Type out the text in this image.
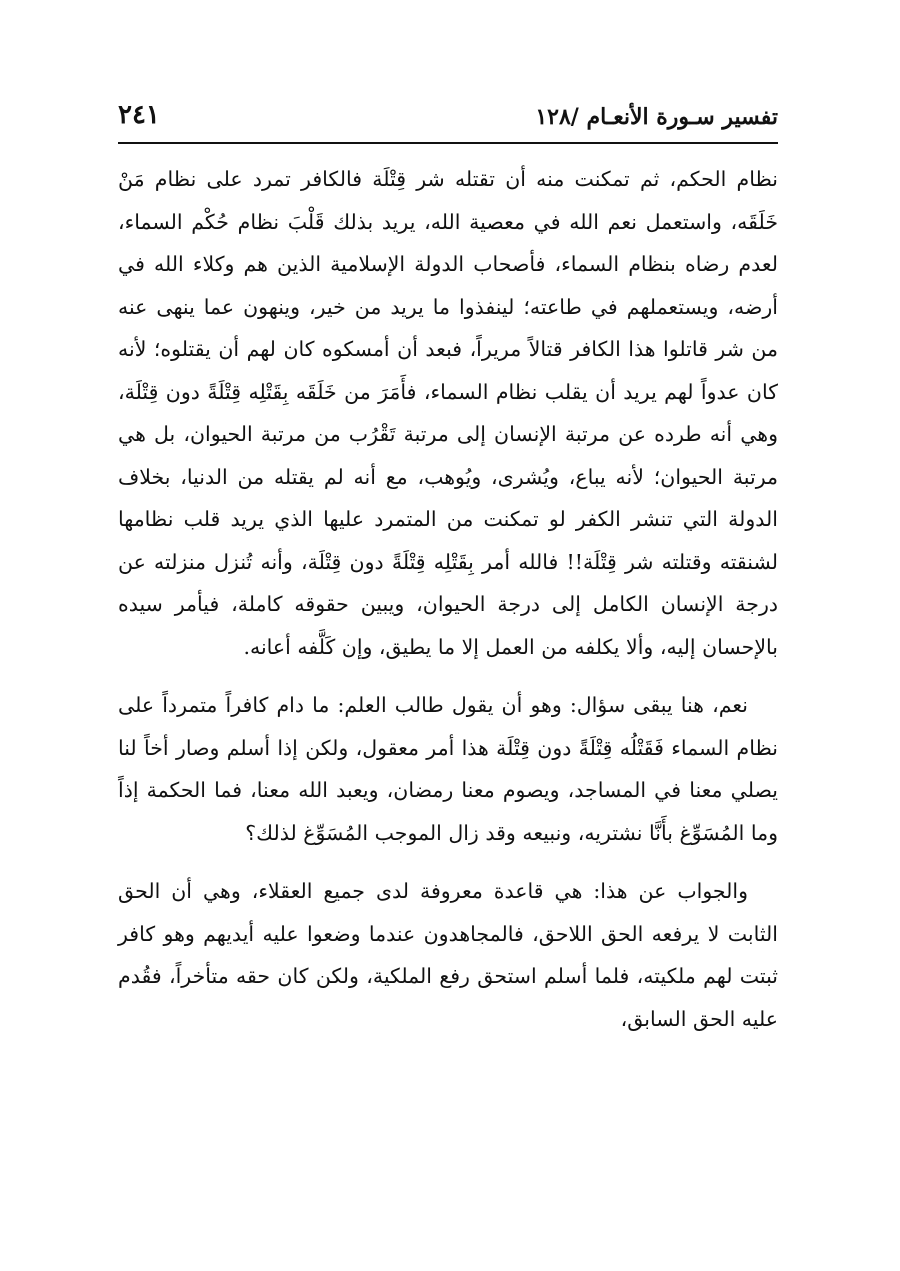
تفسير سـورة الأنعـام /١٢٨
٢٤١

نظام الحكم، ثم تمكنت منه أن تقتله شر قِتْلَة فالكافر تمرد على نظام مَنْ خَلَقَه، واستعمل نعم الله في معصية الله، يريد بذلك قَلْبَ نظام حُكْم السماء، لعدم رضاه بنظام السماء، فأصحاب الدولة الإسلامية الذين هم وكلاء الله في أرضه، ويستعملهم في طاعته؛ لينفذوا ما يريد من خير، وينهون عما ينهى عنه من شر قاتلوا هذا الكافر قتالاً مريراً، فبعد أن أمسكوه كان لهم أن يقتلوه؛ لأنه كان عدواً لهم يريد أن يقلب نظام السماء، فأَمَرَ من خَلَقَه بِقَتْلِه قِتْلَةً دون قِتْلَة، وهي أنه طرده عن مرتبة الإنسان إلى مرتبة تَقْرُب من مرتبة الحيوان، بل هي مرتبة الحيوان؛ لأنه يباع، ويُشرى، ويُوهب، مع أنه لم يقتله من الدنيا، بخلاف الدولة التي تنشر الكفر لو تمكنت من المتمرد عليها الذي يريد قلب نظامها لشنقته وقتلته شر قِتْلَة!! فالله أمر بِقَتْلِه قِتْلَةً دون قِتْلَة، وأنه تُنزل منزلته عن درجة الإنسان الكامل إلى درجة الحيوان، ويبين حقوقه كاملة، فيأمر سيده بالإحسان إليه، وألا يكلفه من العمل إلا ما يطيق، وإن كَلَّفه أعانه.

نعم، هنا يبقى سؤال: وهو أن يقول طالب العلم: ما دام كافراً متمرداً على نظام السماء فَقَتْلُه قِتْلَةً دون قِتْلَة هذا أمر معقول، ولكن إذا أسلم وصار أخاً لنا يصلي معنا في المساجد، ويصوم معنا رمضان، ويعبد الله معنا، فما الحكمة إذاً وما المُسَوِّغ بأَنَّا نشتريه، ونبيعه وقد زال الموجب المُسَوِّغ لذلك؟

والجواب عن هذا: هي قاعدة معروفة لدى جميع العقلاء، وهي أن الحق الثابت لا يرفعه الحق اللاحق، فالمجاهدون عندما وضعوا عليه أيديهم وهو كافر ثبتت لهم ملكيته، فلما أسلم استحق رفع الملكية، ولكن كان حقه متأخراً، فقُدم عليه الحق السابق،
